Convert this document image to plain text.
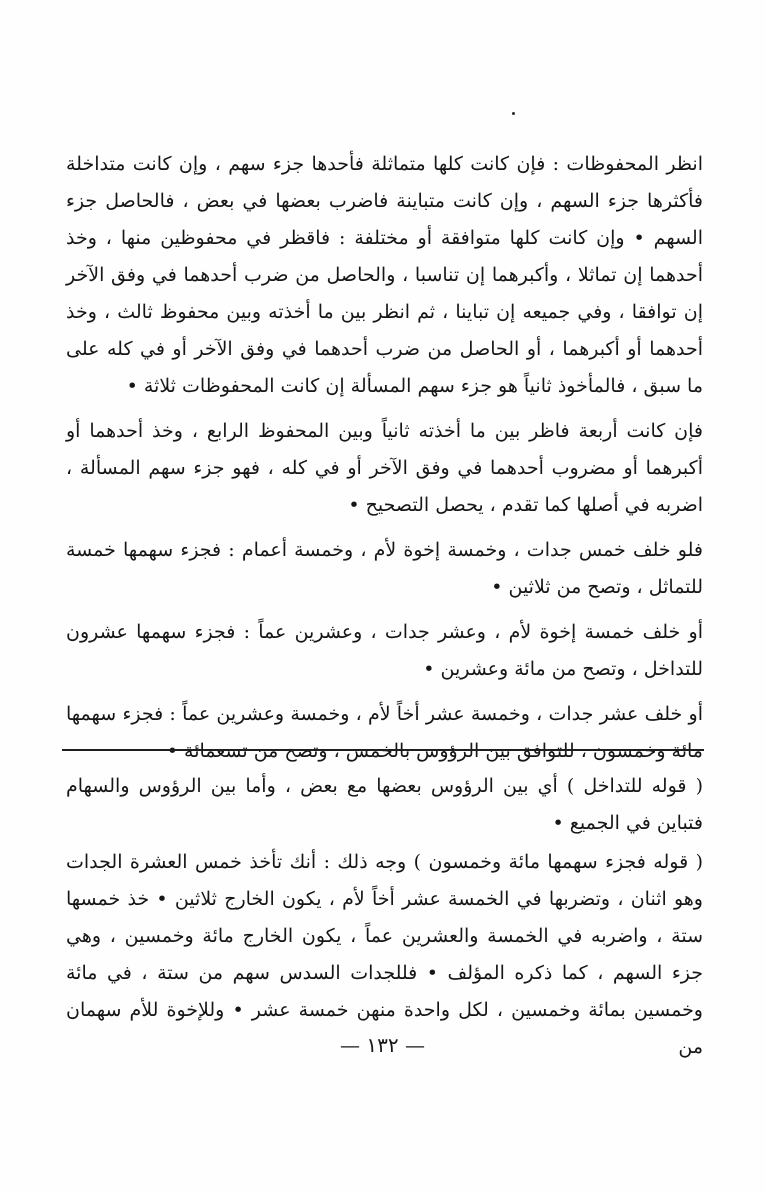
انظر المحفوظات : فإن كانت كلها متماثلة فأحدها جزء سهم ، وإن كانت متداخلة فأكثرها جزء السهم ، وإن كانت متباينة فاضرب بعضها في بعض ، فالحاصل جزء السهم • وإن كانت كلها متوافقة أو مختلفة : فاقظر في محفوظين منها ، وخذ أحدهما إن تماثلا ، وأكبرهما إن تناسبا ، والحاصل من ضرب أحدهما في وفق الآخر إن توافقا ، وفي جميعه إن تباينا ، ثم انظر بين ما أخذته وبين محفوظ ثالث ، وخذ أحدهما أو أكبرهما ، أو الحاصل من ضرب أحدهما في وفق الآخر أو في كله على ما سبق ، فالمأخوذ ثانياً هو جزء سهم المسألة إن كانت المحفوظات ثلاثة •

فإن كانت أربعة فاظر بين ما أخذته ثانياً وبين المحفوظ الرابع ، وخذ أحدهما أو أكبرهما أو مضروب أحدهما في وفق الآخر أو في كله ، فهو جزء سهم المسألة ، اضربه في أصلها كما تقدم ، يحصل التصحيح •

فلو خلف خمس جدات ، وخمسة إخوة لأم ، وخمسة أعمام : فجزء سهمها خمسة للتماثل ، وتصح من ثلاثين •

أو خلف خمسة إخوة لأم ، وعشر جدات ، وعشرين عماً : فجزء سهمها عشرون للتداخل ، وتصح من مائة وعشرين •

أو خلف عشر جدات ، وخمسة عشر أخاً لأم ، وخمسة وعشرين عماً : فجزء سهمها مائة وخمسون ، للتوافق بين الرؤوس بالخمس ، وتصح من تسعمائة •

( قوله للتداخل ) أي بين الرؤوس بعضها مع بعض ، وأما بين الرؤوس والسهام فتباين في الجميع •

( قوله فجزء سهمها مائة وخمسون ) وجه ذلك : أنك تأخذ خمس العشرة الجدات وهو اثنان ، وتضربها في الخمسة عشر أخاً لأم ، يكون الخارج ثلاثين • خذ خمسها ستة ، واضربه في الخمسة والعشرين عماً ، يكون الخارج مائة وخمسين ، وهي جزء السهم ، كما ذكره المؤلف • فللجدات السدس سهم من ستة ، في مائة وخمسين بمائة وخمسين ، لكل واحدة منهن خمسة عشر • وللإخوة للأم سهمان من

— ١٣٢ —
